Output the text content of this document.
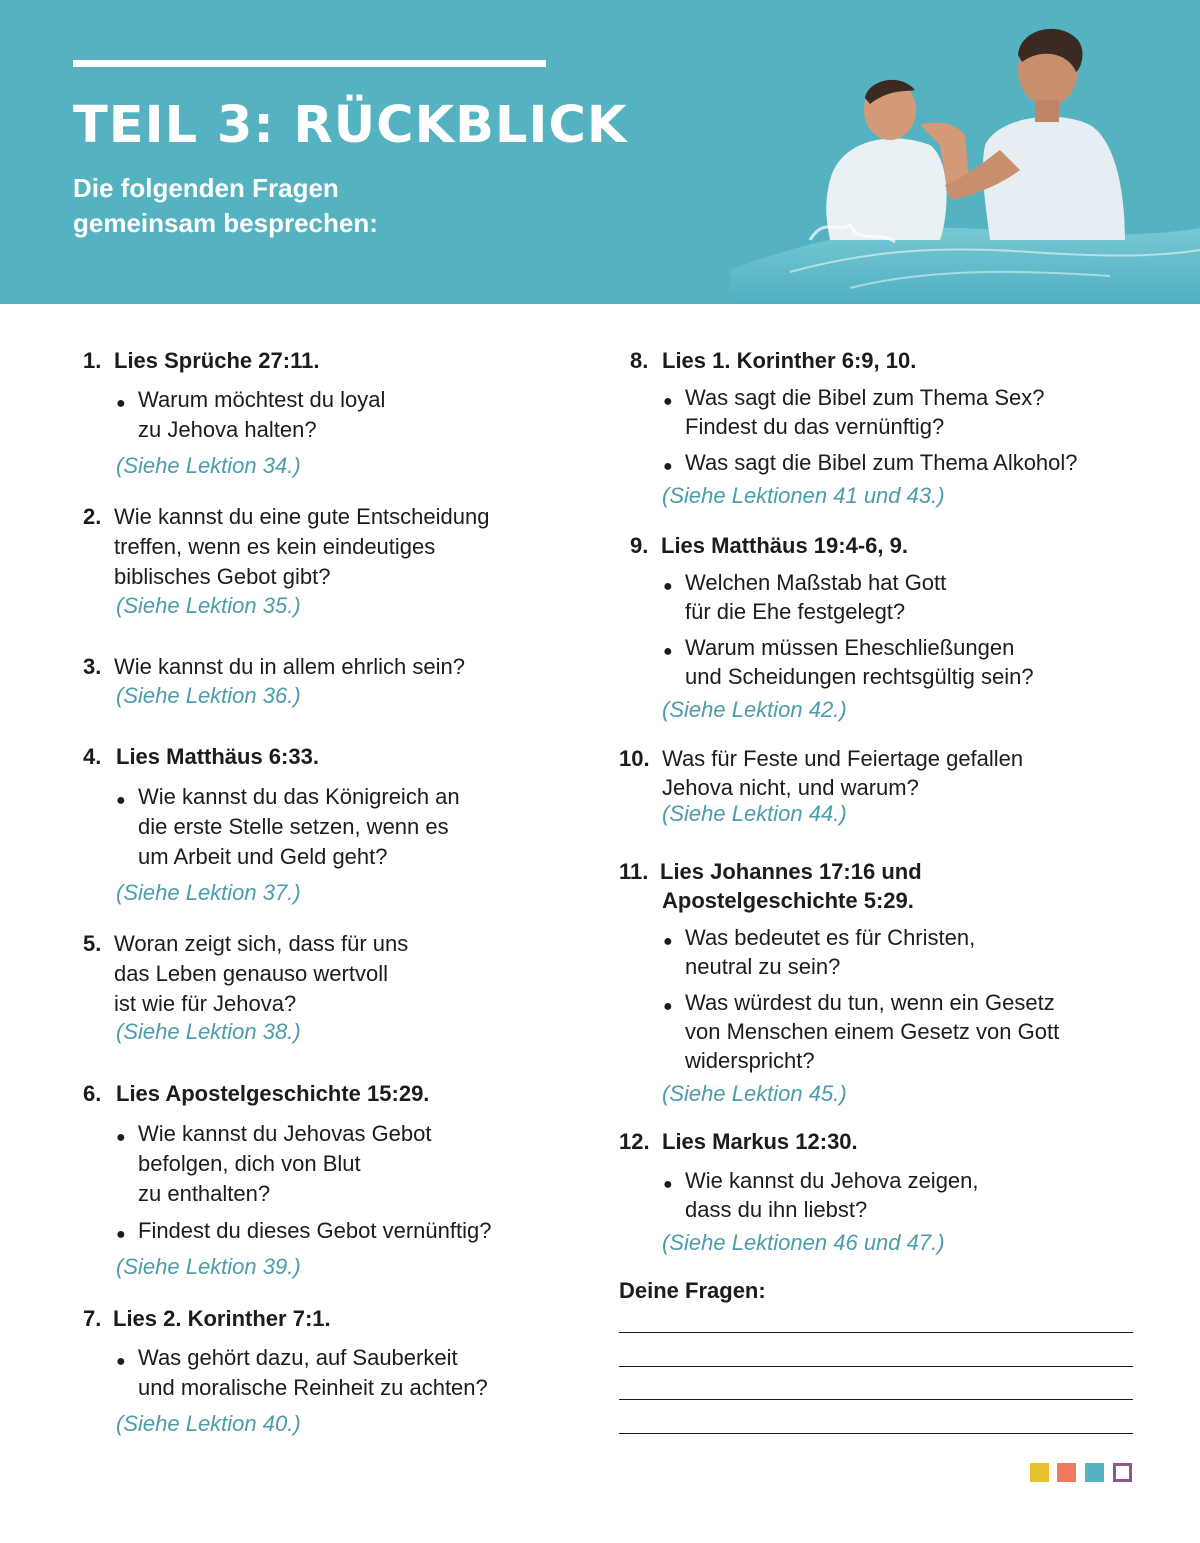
TEIL 3: RÜCKBLICK
Die folgenden Fragen
gemeinsam besprechen:
1. Lies Sprüche 27:11.
● Warum möchtest du loyal
zu Jehova halten?
(Siehe Lektion 34.)
2. Wie kannst du eine gute Entscheidung
treffen, wenn es kein eindeutiges
biblisches Gebot gibt?
(Siehe Lektion 35.)
3. Wie kannst du in allem ehrlich sein?
(Siehe Lektion 36.)
4. Lies Matthäus 6:33.
● Wie kannst du das Königreich an
die erste Stelle setzen, wenn es
um Arbeit und Geld geht?
(Siehe Lektion 37.)
5. Woran zeigt sich, dass für uns
das Leben genauso wertvoll
ist wie für Jehova?
(Siehe Lektion 38.)
6. Lies Apostelgeschichte 15:29.
● Wie kannst du Jehovas Gebot
befolgen, dich von Blut
zu enthalten?
● Findest du dieses Gebot vernünftig?
(Siehe Lektion 39.)
7. Lies 2. Korinther 7:1.
● Was gehört dazu, auf Sauberkeit
und moralische Reinheit zu achten?
(Siehe Lektion 40.)
8. Lies 1. Korinther 6:9, 10.
● Was sagt die Bibel zum Thema Sex?
Findest du das vernünftig?
● Was sagt die Bibel zum Thema Alkohol?
(Siehe Lektionen 41 und 43.)
9. Lies Matthäus 19:4-6, 9.
● Welchen Maßstab hat Gott
für die Ehe festgelegt?
● Warum müssen Eheschließungen
und Scheidungen rechtsgültig sein?
(Siehe Lektion 42.)
10. Was für Feste und Feiertage gefallen
Jehova nicht, und warum?
(Siehe Lektion 44.)
11. Lies Johannes 17:16 und
Apostelgeschichte 5:29.
● Was bedeutet es für Christen,
neutral zu sein?
● Was würdest du tun, wenn ein Gesetz
von Menschen einem Gesetz von Gott
widerspricht?
(Siehe Lektion 45.)
12. Lies Markus 12:30.
● Wie kannst du Jehova zeigen,
dass du ihn liebst?
(Siehe Lektionen 46 und 47.)
Deine Fragen:
